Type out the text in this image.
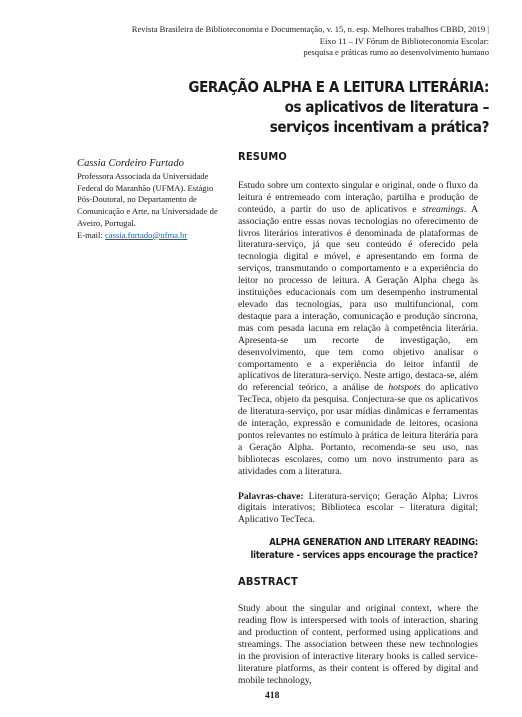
Revista Brasileira de Biblioteconomia e Documentação, v. 15, n. esp. Melhores trabalhos CBBD, 2019 |
Eixo 11 – IV Fórum de Biblioteconomia Escolar:
pesquisa e práticas rumo ao desenvolvimento humano
GERAÇÃO ALPHA E A LEITURA LITERÁRIA:
os aplicativos de literatura –
serviços incentivam a prática?
Cassia Cordeiro Furtado
Professora Associada da Universidade Federal do Maranhão (UFMA). Estágio Pós-Doutoral, no Departamento de Comunicação e Arte, na Universidade de Aveiro, Portugal.
E-mail: cassia.furtado@ufma.br
RESUMO

Estudo sobre um contexto singular e original, onde o fluxo da leitura é entremeado com interação, partilha e produção de conteúdo, a partir do uso de aplicativos e streamings. A associação entre essas novas tecnologias no oferecimento de livros literários interativos é denominada de plataformas de literatura-serviço, já que seu conteúdo é oferecido pela tecnologia digital e móvel, e apresentando em forma de serviços, transmutando o comportamento e a experiência do leitor no processo de leitura. A Geração Alpha chega às instituições educacionais com um desempenho instrumental elevado das tecnologias, para uso multifuncional, com destaque para a interação, comunicação e produção síncrona, mas com pesada lacuna em relação à competência literária. Apresenta-se um recorte de investigação, em desenvolvimento, que tem como objetivo analisar o comportamento e a experiência do leitor infantil de aplicativos de literatura-serviço. Neste artigo, destaca-se, além do referencial teórico, a análise de hotspots do aplicativo TecTeca, objeto da pesquisa. Conjectura-se que os aplicativos de literatura-serviço, por usar mídias dinâmicas e ferramentas de interação, expressão e comunidade de leitores, ocasiona pontos relevantes no estímulo à prática de leitura literária para a Geração Alpha. Portanto, recomenda-se seu uso, nas bibliotecas escolares, como um novo instrumento para as atividades com a literatura.

Palavras-chave: Literatura-serviço; Geração Alpha; Livros digitais interativos; Biblioteca escolar – literatura digital; Aplicativo TecTeca.

ALPHA GENERATION AND LITERARY READING:
literature - services apps encourage the practice?
ABSTRACT

Study about the singular and original context, where the reading flow is interspersed with tools of interaction, sharing and production of content, performed using applications and streamings. The association between these new technologies in the provision of interactive literary books is called service-literature platforms, as their content is offered by digital and mobile technology,

418
